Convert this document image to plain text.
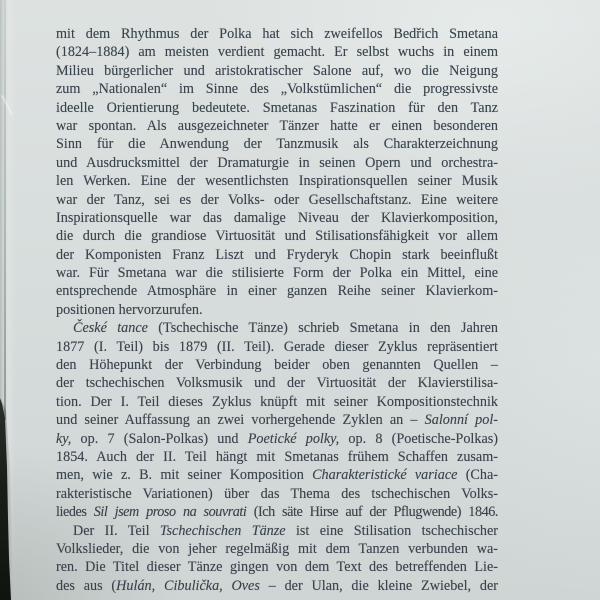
mit dem Rhythmus der Polka hat sich zweifellos Bedřich Smetana
(1824–1884) am meisten verdient gemacht. Er selbst wuchs in einem
Milieu bürgerlicher und aristokratischer Salone auf, wo die Neigung
zum „Nationalen“ im Sinne des „Volkstümlichen“ die progressivste
ideelle Orientierung bedeutete. Smetanas Faszination für den Tanz
war spontan. Als ausgezeichneter Tänzer hatte er einen besonderen
Sinn für die Anwendung der Tanzmusik als Charakterzeichnung
und Ausdrucksmittel der Dramaturgie in seinen Opern und orchestra-
len Werken. Eine der wesentlichsten Inspirationsquellen seiner Musik
war der Tanz, sei es der Volks- oder Gesellschaftstanz. Eine weitere
Inspirationsquelle war das damalige Niveau der Klavierkomposition,
die durch die grandiose Virtuosität und Stilisationsfähigkeit vor allem
der Komponisten Franz Liszt und Fryderyk Chopin stark beeinflußt
war. Für Smetana war die stilisierte Form der Polka ein Mittel, eine
entsprechende Atmosphäre in einer ganzen Reihe seiner Klavierkom-
positionen hervorzurufen.
České tance (Tschechische Tänze) schrieb Smetana in den Jahren
1877 (I. Teil) bis 1879 (II. Teil). Gerade dieser Zyklus repräsentiert
den Höhepunkt der Verbindung beider oben genannten Quellen –
der tschechischen Volksmusik und der Virtuosität der Klavierstilisa-
tion. Der I. Teil dieses Zyklus knüpft mit seiner Kompositionstechnik
und seiner Auffassung an zwei vorhergehende Zyklen an – Salonní pol-
ky, op. 7 (Salon-Polkas) und Poetické polky, op. 8 (Poetische-Polkas)
1854. Auch der II. Teil hängt mit Smetanas frühem Schaffen zusam-
men, wie z. B. mit seiner Komposition Charakteristické variace (Cha-
rakteristische Variationen) über das Thema des tschechischen Volks-
liedes Sil jsem proso na souvrati (Ich säte Hirse auf der Pflugwende) 1846.
Der II. Teil Tschechischen Tänze ist eine Stilisation tschechischer
Volkslieder, die von jeher regelmäßig mit dem Tanzen verbunden wa-
ren. Die Titel dieser Tänze gingen von dem Text des betreffenden Lie-
des aus (Hulán, Cibulička, Oves – der Ulan, die kleine Zwiebel, der
